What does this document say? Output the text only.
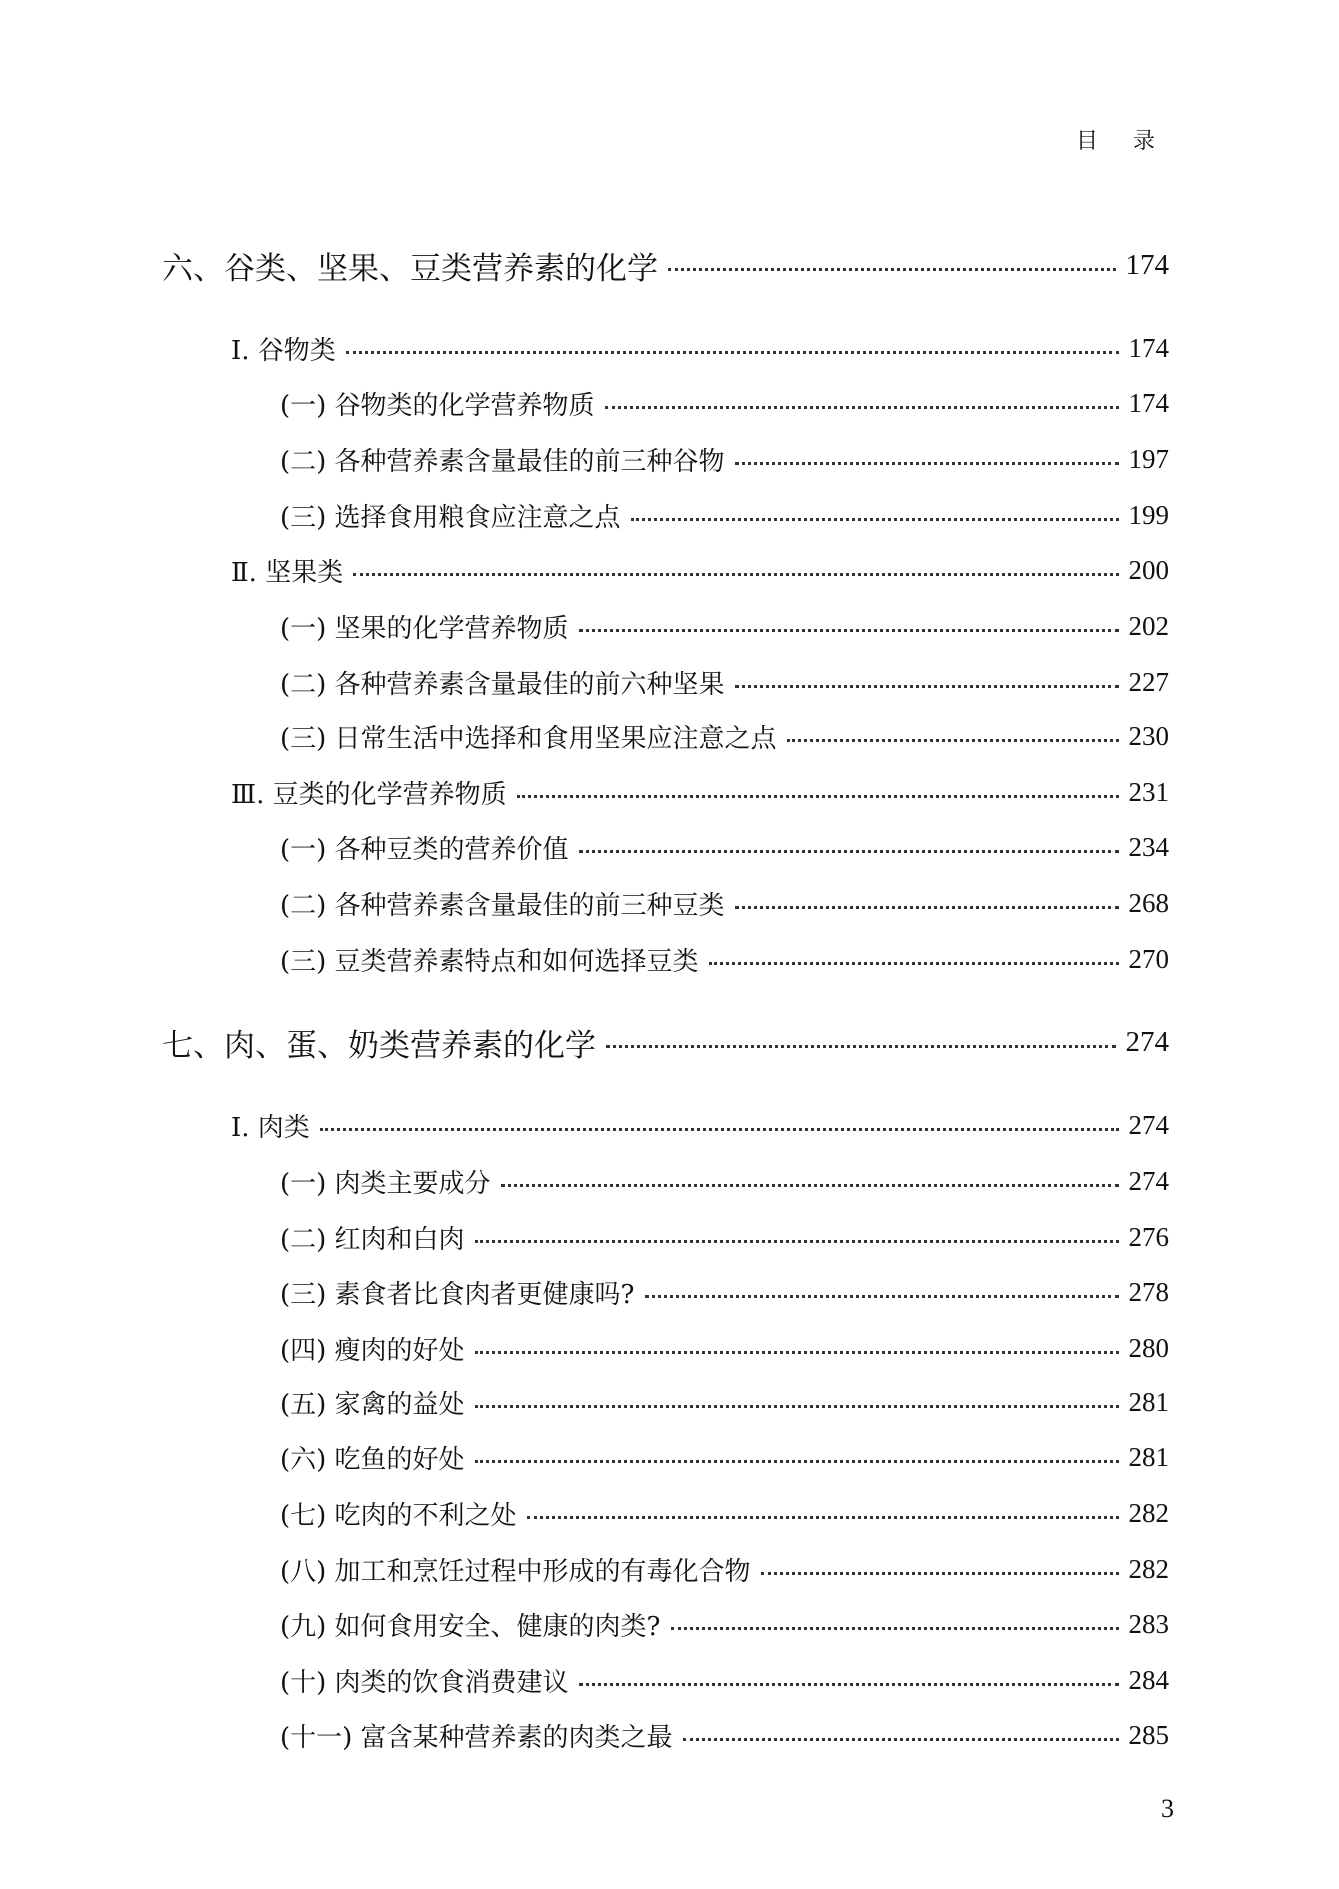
目 录
六、谷类、坚果、豆类营养素的化学	174
Ⅰ. 谷物类	174
(一) 谷物类的化学营养物质	174
(二) 各种营养素含量最佳的前三种谷物	197
(三) 选择食用粮食应注意之点	199
Ⅱ. 坚果类	200
(一) 坚果的化学营养物质	202
(二) 各种营养素含量最佳的前六种坚果	227
(三) 日常生活中选择和食用坚果应注意之点	230
Ⅲ. 豆类的化学营养物质	231
(一) 各种豆类的营养价值	234
(二) 各种营养素含量最佳的前三种豆类	268
(三) 豆类营养素特点和如何选择豆类	270
七、肉、蛋、奶类营养素的化学	274
Ⅰ. 肉类	274
(一) 肉类主要成分	274
(二) 红肉和白肉	276
(三) 素食者比食肉者更健康吗?	278
(四) 瘦肉的好处	280
(五) 家禽的益处	281
(六) 吃鱼的好处	281
(七) 吃肉的不利之处	282
(八) 加工和烹饪过程中形成的有毒化合物	282
(九) 如何食用安全、健康的肉类?	283
(十) 肉类的饮食消费建议	284
(十一) 富含某种营养素的肉类之最	285
3
